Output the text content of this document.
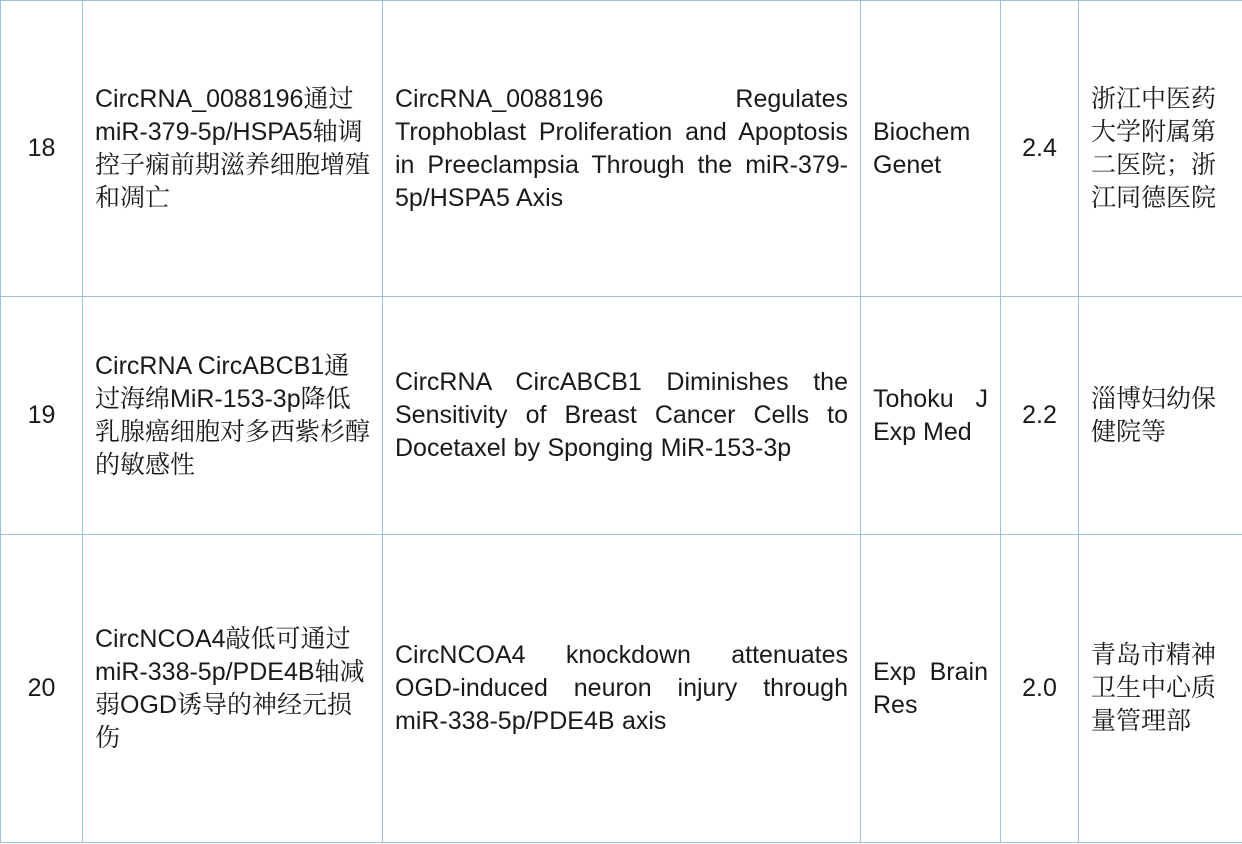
18	CircRNA_0088196通过miR-379-5p/HSPA5轴调控子痫前期滋养细胞增殖和凋亡	CircRNA_0088196 Regulates Trophoblast Proliferation and Apoptosis in Preeclampsia Through the miR-379-5p/HSPA5 Axis	Biochem Genet	2.4	浙江中医药大学附属第二医院；浙江同德医院
19	CircRNA CircABCB1通过海绵MiR-153-3p降低乳腺癌细胞对多西紫杉醇的敏感性	CircRNA CircABCB1 Diminishes the Sensitivity of Breast Cancer Cells to Docetaxel by Sponging MiR-153-3p	Tohoku J Exp Med	2.2	淄博妇幼保健院等
20	CircNCOA4敲低可通过miR-338-5p/PDE4B轴减弱OGD诱导的神经元损伤	CircNCOA4 knockdown attenuates OGD-induced neuron injury through miR-338-5p/PDE4B axis	Exp Brain Res	2.0	青岛市精神卫生中心质量管理部
